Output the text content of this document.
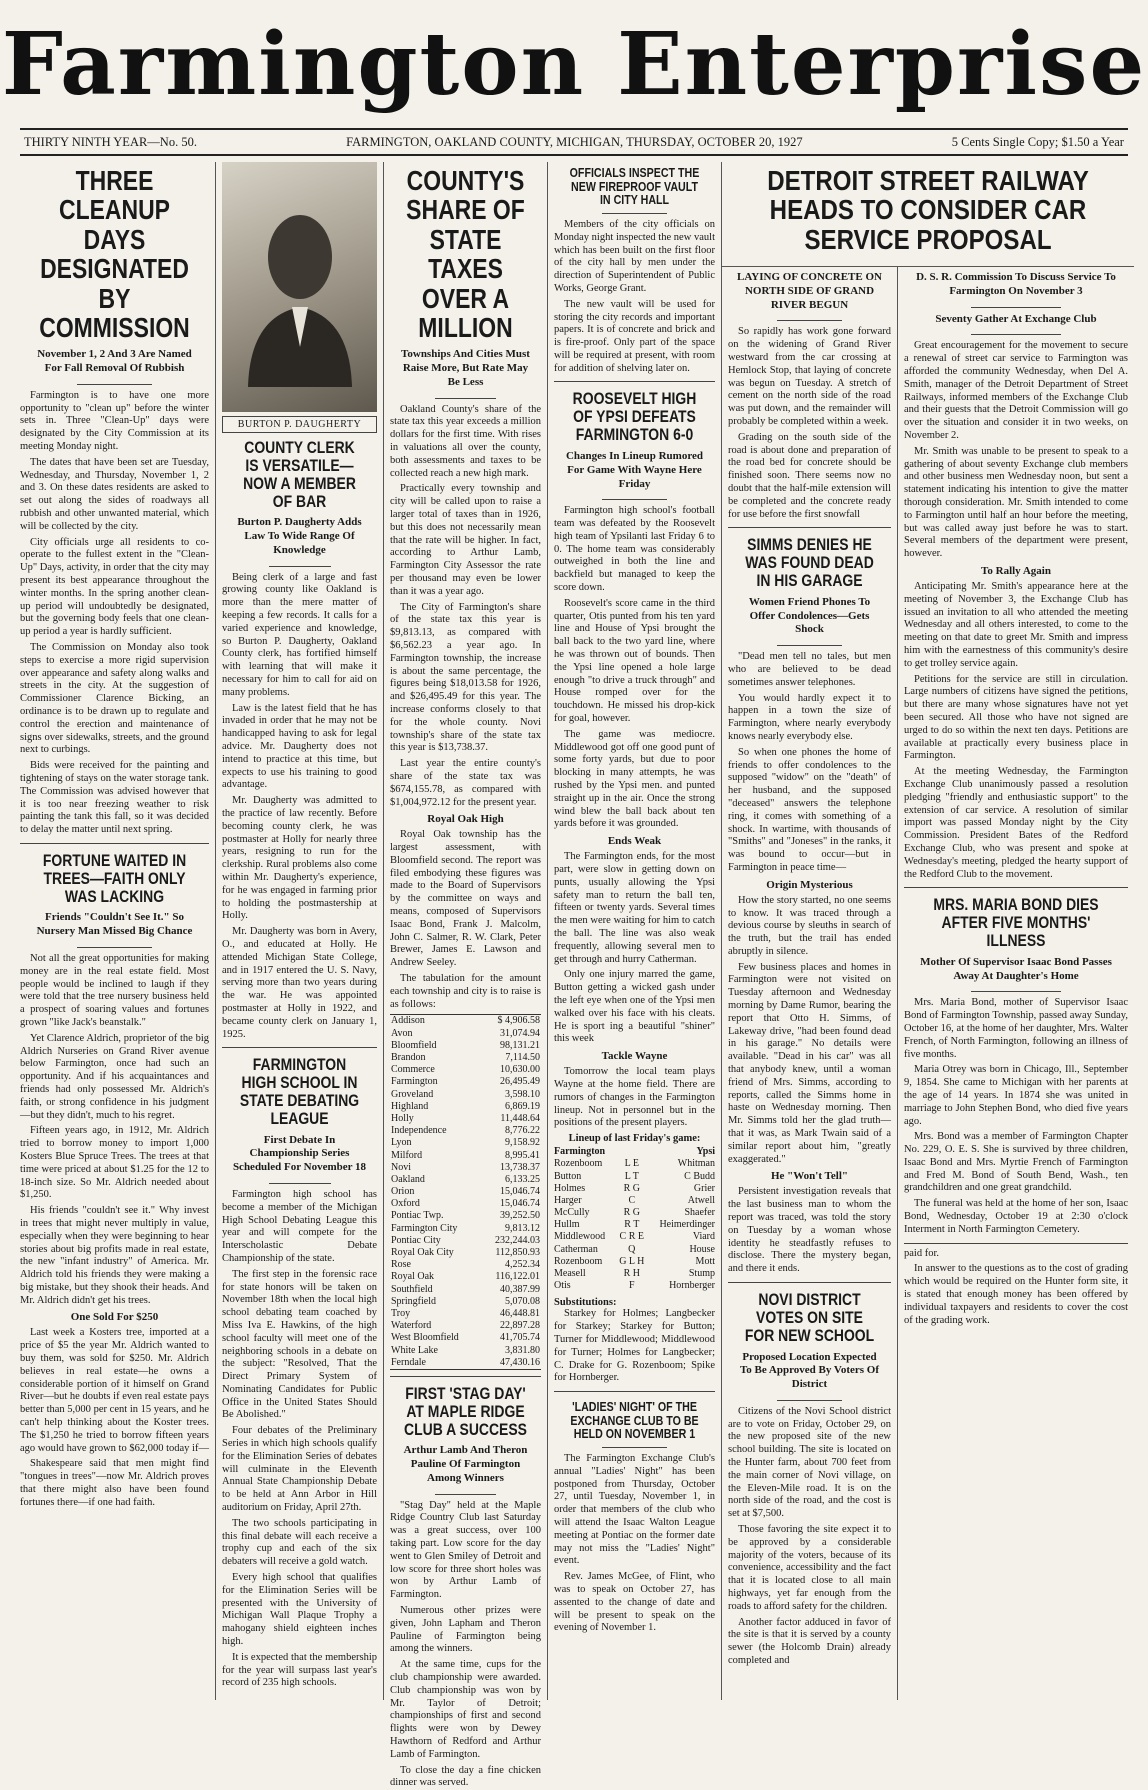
Farmington Enterprise
THIRTY NINTH YEAR—No. 50.	FARMINGTON, OAKLAND COUNTY, MICHIGAN, THURSDAY, OCTOBER 20, 1927	5 Cents Single Copy; $1.50 a Year
THREE CLEANUP DAYS DESIGNATED BY COMMISSION
November 1, 2 And 3 Are Named For Fall Removal Of Rubbish

Farmington is to have one more opportunity to "clean up" before the winter sets in. Three "Clean-Up" days were designated by the City Commission at its meeting Monday night.

The dates that have been set are Tuesday, Wednesday, and Thursday, November 1, 2 and 3. On these dates residents are asked to set out along the sides of roadways all rubbish and other unwanted material, which will be collected by the city.

City officials urge all residents to co-operate to the fullest extent in the "Clean-Up" Days, activity, in order that the city may present its best appearance throughout the winter months. In the spring another clean-up period will undoubtedly be designated, but the governing body feels that one clean-up period a year is hardly sufficient.

The Commission on Monday also took steps to exercise a more rigid supervision over appearance and safety along walks and streets in the city. At the suggestion of Commissioner Clarence Bicking, an ordinance is to be drawn up to regulate and control the erection and maintenance of signs over sidewalks, streets, and the ground next to curbings.

Bids were received for the painting and tightening of stays on the water storage tank. The Commission was advised however that it is too near freezing weather to risk painting the tank this fall, so it was decided to delay the matter until next spring.

FORTUNE WAITED IN TREES—FAITH ONLY WAS LACKING
Friends "Couldn't See It." So Nursery Man Missed Big Chance

Not all the great opportunities for making money are in the real estate field. Most people would be inclined to laugh if they were told that the tree nursery business held a prospect of soaring values and fortunes grown "like Jack's beanstalk."

Yet Clarence Aldrich, proprietor of the big Aldrich Nurseries on Grand River avenue below Farmington, once had such an opportunity. And if his acquaintances and friends had only possessed Mr. Aldrich's faith, or strong confidence in his judgment —but they didn't, much to his regret.

Fifteen years ago, in 1912, Mr. Aldrich tried to borrow money to import 1,000 Kosters Blue Spruce Trees. The trees at that time were priced at about $1.25 for the 12 to 18-inch size. So Mr. Aldrich needed about $1,250.

His friends "couldn't see it." Why invest in trees that might never multiply in value, especially when they were beginning to hear stories about big profits made in real estate, the new "infant industry" of America. Mr. Aldrich told his friends they were making a big mistake, but they shook their heads. And Mr. Aldrich didn't get his trees.

One Sold For $250

Last week a Kosters tree, imported at a price of $5 the year Mr. Aldrich wanted to buy them, was sold for $250. Mr. Aldrich believes in real estate—he owns a considerable portion of it himself on Grand River—but he doubts if even real estate pays better than 5,000 per cent in 15 years, and he can't help thinking about the Koster trees. The $1,250 he tried to borrow fifteen years ago would have grown to $62,000 today if—

Shakespeare said that men might find "tongues in trees"—now Mr. Aldrich proves that there might also have been found fortunes there—if one had faith.

BURTON P. DAUGHERTY
COUNTY CLERK IS VERSATILE—NOW A MEMBER OF BAR
Burton P. Daugherty Adds Law To Wide Range Of Knowledge

Being clerk of a large and fast growing county like Oakland is more than the mere matter of keeping a few records. It calls for a varied experience and knowledge, so Burton P. Daugherty, Oakland County clerk, has fortified himself with learning that will make it necessary for him to call for aid on many problems.

Law is the latest field that he has invaded in order that he may not be handicapped having to ask for legal advice. Mr. Daugherty does not intend to practice at this time, but expects to use his training to good advantage.

Mr. Daugherty was admitted to the practice of law recently. Before becoming county clerk, he was postmaster at Holly for nearly three years, resigning to run for the clerkship. Rural problems also come within Mr. Daugherty's experience, for he was engaged in farming prior to holding the postmastership at Holly.

Mr. Daugherty was born in Avery, O., and educated at Holly. He attended Michigan State College, and in 1917 entered the U. S. Navy, serving more than two years during the war. He was appointed postmaster at Holly in 1922, and became county clerk on January 1, 1925.

FARMINGTON HIGH SCHOOL IN STATE DEBATING LEAGUE
First Debate In Championship Series Scheduled For November 18

Farmington high school has become a member of the Michigan High School Debating League this year and will compete for the Interscholastic Debate Championship of the state.

The first step in the forensic race for state honors will be taken on November 18th when the local high school debating team coached by Miss Iva E. Hawkins, of the high school faculty will meet one of the neighboring schools in a debate on the subject: "Resolved, That the Direct Primary System of Nominating Candidates for Public Office in the United States Should Be Abolished."

Four debates of the Preliminary Series in which high schools qualify for the Elimination Series of debates will culminate in the Eleventh Annual State Championship Debate to be held at Ann Arbor in Hill auditorium on Friday, April 27th.

The two schools participating in this final debate will each receive a trophy cup and each of the six debaters will receive a gold watch.

Every high school that qualifies for the Elimination Series will be presented with the University of Michigan Wall Plaque Trophy a mahogany shield eighteen inches high.

It is expected that the membership for the year will surpass last year's record of 235 high schools.

COUNTY'S SHARE OF STATE TAXES OVER A MILLION
Townships And Cities Must Raise More, But Rate May Be Less

Oakland County's share of the state tax this year exceeds a million dollars for the first time. With rises in valuations all over the county, both assessments and taxes to be collected reach a new high mark.

Practically every township and city will be called upon to raise a larger total of taxes than in 1926, but this does not necessarily mean that the rate will be higher. In fact, according to Arthur Lamb, Farmington City Assessor the rate per thousand may even be lower than it was a year ago.

The City of Farmington's share of the state tax this year is $9,813.13, as compared with $6,562.23 a year ago. In Farmington township, the increase is about the same percentage, the figures being $18,013.58 for 1926, and $26,495.49 for this year. The increase conforms closely to that for the whole county. Novi township's share of the state tax this year is $13,738.37.

Last year the entire county's share of the state tax was $674,155.78, as compared with $1,004,972.12 for the present year.

Royal Oak High

Royal Oak township has the largest assessment, with Bloomfield second. The report was filed embodying these figures was made to the Board of Supervisors by the committee on ways and means, composed of Supervisors Isaac Bond, Frank J. Malcolm, John C. Salmer, R. W. Clark, Peter Brewer, James E. Lawson and Andrew Seeley.

The tabulation for the amount each township and city is to raise is as follows:

Addison	$ 4,906.58
Avon	31,074.94
Bloomfield	98,131.21
Brandon	7,114.50
Commerce	10,630.00
Farmington	26,495.49
Groveland	3,598.10
Highland	6,869.19
Holly	11,448.64
Independence	8,776.22
Lyon	9,158.92
Milford	8,995.41
Novi	13,738.37
Oakland	6,133.25
Orion	15,046.74
Oxford	15,046.74
Pontiac Twp.	39,252.50
Farmington City	9,813.12
Pontiac City	232,244.03
Royal Oak City	112,850.93
Rose	4,252.34
Royal Oak	116,122.01
Southfield	40,387.99
Springfield	5,070.08
Troy	46,448.81
Waterford	22,897.28
West Bloomfield	41,705.74
White Lake	3,831.80
Ferndale	47,430.16
FIRST 'STAG DAY' AT MAPLE RIDGE CLUB A SUCCESS
Arthur Lamb And Theron Pauline Of Farmington Among Winners

"Stag Day" held at the Maple Ridge Country Club last Saturday was a great success, over 100 taking part. Low score for the day went to Glen Smiley of Detroit and low score for three short holes was won by Arthur Lamb of Farmington.

Numerous other prizes were given, John Lapham and Theron Pauline of Farmington being among the winners.

At the same time, cups for the club championship were awarded. Club championship was won by Mr. Taylor of Detroit; championships of first and second flights were won by Dewey Hawthorn of Redford and Arthur Lamb of Farmington.

To close the day a fine chicken dinner was served.

OFFICIALS INSPECT THE NEW FIREPROOF VAULT IN CITY HALL

Members of the city officials on Monday night inspected the new vault which has been built on the first floor of the city hall by men under the direction of Superintendent of Public Works, George Grant.

The new vault will be used for storing the city records and important papers. It is of concrete and brick and is fire-proof. Only part of the space will be required at present, with room for addition of shelving later on.

ROOSEVELT HIGH OF YPSI DEFEATS FARMINGTON 6-0
Changes In Lineup Rumored For Game With Wayne Here Friday

Farmington high school's football team was defeated by the Roosevelt high team of Ypsilanti last Friday 6 to 0. The home team was considerably outweighed in both the line and backfield but managed to keep the score down.

Roosevelt's score came in the third quarter, Otis punted from his ten yard line and House of Ypsi brought the ball back to the two yard line, where he was thrown out of bounds. Then the Ypsi line opened a hole large enough "to drive a truck through" and House romped over for the touchdown. He missed his drop-kick for goal, however.

The game was mediocre. Middlewood got off one good punt of some forty yards, but due to poor blocking in many attempts, he was rushed by the Ypsi men. and punted straight up in the air. Once the strong wind blew the ball back about ten yards before it was grounded.

Ends Weak

The Farmington ends, for the most part, were slow in getting down on punts, usually allowing the Ypsi safety man to return the ball ten, fifteen or twenty yards. Several times the men were waiting for him to catch the ball. The line was also weak frequently, allowing several men to get through and hurry Catherman.

Only one injury marred the game, Button getting a wicked gash under the left eye when one of the Ypsi men walked over his face with his cleats. He is sport ing a beautiful "shiner" this week

Tackle Wayne

Tomorrow the local team plays Wayne at the home field. There are rumors of changes in the Farmington lineup. Not in personnel but in the positions of the present players.

Lineup of last Friday's game:
Farmington		Ypsi
Rozenboom	L E	Whitman
Button	L T	C Budd
Holmes	R G	Grier
Harger	C	Atwell
McCully	R G	Shaefer
Hullm	R T	Heimerdinger
Middlewood	C R E	Viard
Catherman	Q	House
Rozenboom	G L H	Mott
Measell	R H	Stump
Otis	F	Hornberger
Substitutions:

Starkey for Holmes; Langbecker for Starkey; Starkey for Button; Turner for Middlewood; Middlewood for Turner; Holmes for Langbecker; C. Drake for G. Rozenboom; Spike for Hornberger.

'LADIES' NIGHT' OF THE EXCHANGE CLUB TO BE HELD ON NOVEMBER 1

The Farmington Exchange Club's annual "Ladies' Night" has been postponed from Thursday, October 27, until Tuesday, November 1, in order that members of the club who will attend the Isaac Walton League meeting at Pontiac on the former date may not miss the "Ladies' Night" event.

Rev. James McGee, of Flint, who was to speak on October 27, has assented to the change of date and will be present to speak on the evening of November 1.

DETROIT STREET RAILWAY HEADS TO CONSIDER CAR SERVICE PROPOSAL
LAYING OF CONCRETE ON NORTH SIDE OF GRAND RIVER BEGUN

So rapidly has work gone forward on the widening of Grand River westward from the car crossing at Hemlock Stop, that laying of concrete was begun on Tuesday. A stretch of cement on the north side of the road was put down, and the remainder will probably be completed within a week.

Grading on the south side of the road is about done and preparation of the road bed for concrete should be finished soon. There seems now no doubt that the half-mile extension will be completed and the concrete ready for use before the first snowfall

SIMMS DENIES HE WAS FOUND DEAD IN HIS GARAGE
Women Friend Phones To Offer Condolences—Gets Shock

"Dead men tell no tales, but men who are believed to be dead sometimes answer telephones.

You would hardly expect it to happen in a town the size of Farmington, where nearly everybody knows nearly everybody else.

So when one phones the home of friends to offer condolences to the supposed "widow" on the "death" of her husband, and the supposed "deceased" answers the telephone ring, it comes with something of a shock. In wartime, with thousands of "Smiths" and "Joneses" in the ranks, it was bound to occur—but in Farmington in peace time—

Origin Mysterious

How the story started, no one seems to know. It was traced through a devious course by sleuths in search of the truth, but the trail has ended abruptly in silence.

Few business places and homes in Farmington were not visited on Tuesday afternoon and Wednesday morning by Dame Rumor, bearing the report that Otto H. Simms, of Lakeway drive, "had been found dead in his garage." No details were available. "Dead in his car" was all that anybody knew, until a woman friend of Mrs. Simms, according to reports, called the Simms home in haste on Wednesday morning. Then Mr. Simms told her the glad truth—that it was, as Mark Twain said of a similar report about him, "greatly exaggerated."

He "Won't Tell"

Persistent investigation reveals that the last business man to whom the report was traced, was told the story on Tuesday by a woman whose identity he steadfastly refuses to disclose. There the mystery began, and there it ends.

NOVI DISTRICT VOTES ON SITE FOR NEW SCHOOL
Proposed Location Expected To Be Approved By Voters Of District

Citizens of the Novi School district are to vote on Friday, October 29, on the new proposed site of the new school building. The site is located on the Hunter farm, about 700 feet from the main corner of Novi village, on the Eleven-Mile road. It is on the north side of the road, and the cost is set at $7,500.

Those favoring the site expect it to be approved by a considerable majority of the voters, because of its convenience, accessibility and the fact that it is located close to all main highways, yet far enough from the roads to afford safety for the children.

Another factor adduced in favor of the site is that it is served by a county sewer (the Holcomb Drain) already completed and

D. S. R. Commission To Discuss Service To Farmington On November 3
Seventy Gather At Exchange Club

Great encouragement for the movement to secure a renewal of street car service to Farmington was afforded the community Wednesday, when Del A. Smith, manager of the Detroit Department of Street Railways, informed members of the Exchange Club and their guests that the Detroit Commission will go over the situation and consider it in two weeks, on November 2.

Mr. Smith was unable to be present to speak to a gathering of about seventy Exchange club members and other business men Wednesday noon, but sent a statement indicating his intention to give the matter thorough consideration. Mr. Smith intended to come to Farmington until half an hour before the meeting, but was called away just before he was to start. Several members of the department were present, however.

To Rally Again

Anticipating Mr. Smith's appearance here at the meeting of November 3, the Exchange Club has issued an invitation to all who attended the meeting Wednesday and all others interested, to come to the meeting on that date to greet Mr. Smith and impress him with the earnestness of this community's desire to get trolley service again.

Petitions for the service are still in circulation. Large numbers of citizens have signed the petitions, but there are many whose signatures have not yet been secured. All those who have not signed are urged to do so within the next ten days. Petitions are available at practically every business place in Farmington.

At the meeting Wednesday, the Farmington Exchange Club unanimously passed a resolution pledging "friendly and enthusiastic support" to the extension of car service. A resolution of similar import was passed Monday night by the City Commission. President Bates of the Redford Exchange Club, who was present and spoke at Wednesday's meeting, pledged the hearty support of the Redford Club to the movement.

MRS. MARIA BOND DIES AFTER FIVE MONTHS' ILLNESS
Mother Of Supervisor Isaac Bond Passes Away At Daughter's Home

Mrs. Maria Bond, mother of Supervisor Isaac Bond of Farmington Township, passed away Sunday, October 16, at the home of her daughter, Mrs. Walter French, of North Farmington, following an illness of five months.

Maria Otrey was born in Chicago, Ill., September 9, 1854. She came to Michigan with her parents at the age of 14 years. In 1874 she was united in marriage to John Stephen Bond, who died five years ago.

Mrs. Bond was a member of Farmington Chapter No. 229, O. E. S. She is survived by three children, Isaac Bond and Mrs. Myrtie French of Farmington and Fred M. Bond of South Bend, Wash., ten grandchildren and one great grandchild.

The funeral was held at the home of her son, Isaac Bond, Wednesday, October 19 at 2:30 o'clock Interment in North Farmington Cemetery.

paid for.

In answer to the questions as to the cost of grading which would be required on the Hunter form site, it is stated that enough money has been offered by individual taxpayers and residents to cover the cost of the grading work.
